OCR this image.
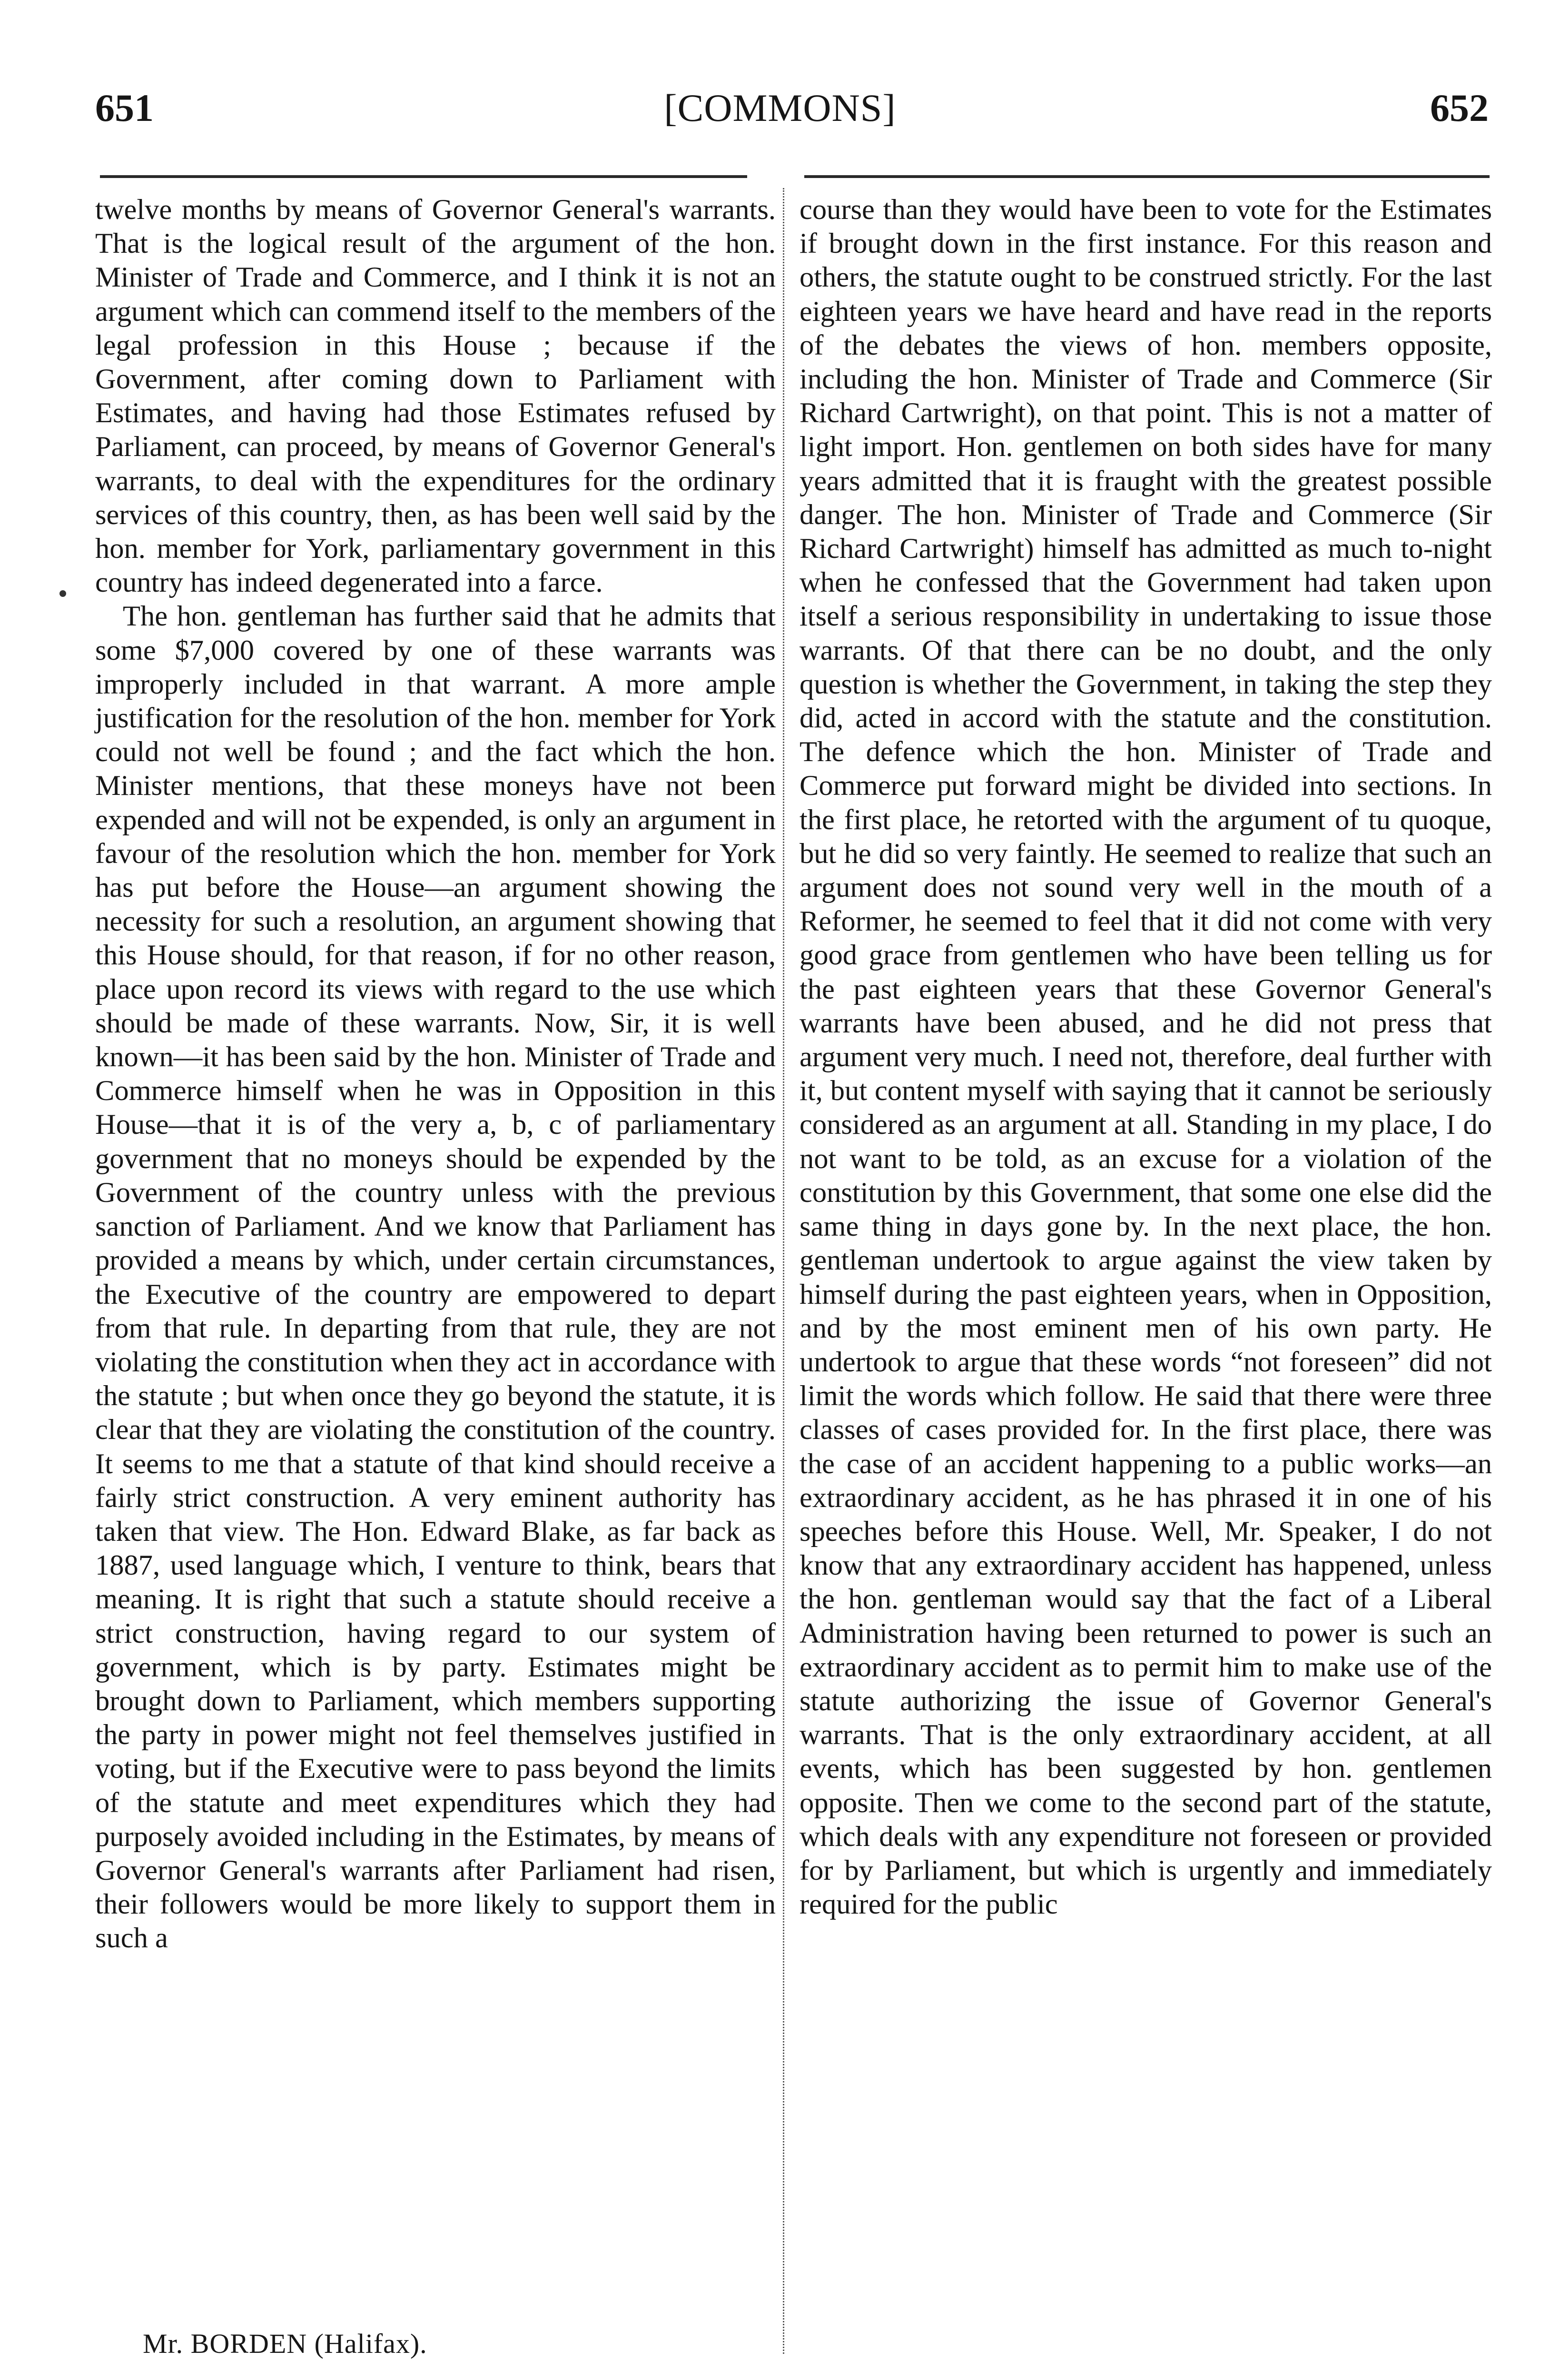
651	[COMMONS]	652

twelve months by means of Governor General's warrants. That is the logical result of the argument of the hon. Minister of Trade and Commerce, and I think it is not an argument which can commend itself to the members of the legal profession in this House ; because if the Government, after coming down to Parliament with Estimates, and having had those Estimates refused by Parliament, can proceed, by means of Governor General's warrants, to deal with the expenditures for the ordinary services of this country, then, as has been well said by the hon. member for York, parliamentary government in this country has indeed degenerated into a farce.

The hon. gentleman has further said that he admits that some $7,000 covered by one of these warrants was improperly included in that warrant. A more ample justification for the resolution of the hon. member for York could not well be found ; and the fact which the hon. Minister mentions, that these moneys have not been expended and will not be expended, is only an argument in favour of the resolution which the hon. member for York has put before the House—an argument showing the necessity for such a resolution, an argument showing that this House should, for that reason, if for no other reason, place upon record its views with regard to the use which should be made of these warrants. Now, Sir, it is well known—it has been said by the hon. Minister of Trade and Commerce himself when he was in Opposition in this House—that it is of the very a, b, c of parliamentary government that no moneys should be expended by the Government of the country unless with the previous sanction of Parliament. And we know that Parliament has provided a means by which, under certain circumstances, the Executive of the country are empowered to depart from that rule. In departing from that rule, they are not violating the constitution when they act in accordance with the statute ; but when once they go beyond the statute, it is clear that they are violating the constitution of the country. It seems to me that a statute of that kind should receive a fairly strict construction. A very eminent authority has taken that view. The Hon. Edward Blake, as far back as 1887, used language which, I venture to think, bears that meaning. It is right that such a statute should receive a strict construction, having regard to our system of government, which is by party. Estimates might be brought down to Parliament, which members supporting the party in power might not feel themselves justified in voting, but if the Executive were to pass beyond the limits of the statute and meet expenditures which they had purposely avoided including in the Estimates, by means of Governor General's warrants after Parliament had risen, their followers would be more likely to support them in such a

course than they would have been to vote for the Estimates if brought down in the first instance. For this reason and others, the statute ought to be construed strictly. For the last eighteen years we have heard and have read in the reports of the debates the views of hon. members opposite, including the hon. Minister of Trade and Commerce (Sir Richard Cartwright), on that point. This is not a matter of light import. Hon. gentlemen on both sides have for many years admitted that it is fraught with the greatest possible danger. The hon. Minister of Trade and Commerce (Sir Richard Cartwright) himself has admitted as much to-night when he confessed that the Government had taken upon itself a serious responsibility in undertaking to issue those warrants. Of that there can be no doubt, and the only question is whether the Government, in taking the step they did, acted in accord with the statute and the constitution. The defence which the hon. Minister of Trade and Commerce put forward might be divided into sections. In the first place, he retorted with the argument of tu quoque, but he did so very faintly. He seemed to realize that such an argument does not sound very well in the mouth of a Reformer, he seemed to feel that it did not come with very good grace from gentlemen who have been telling us for the past eighteen years that these Governor General's warrants have been abused, and he did not press that argument very much. I need not, therefore, deal further with it, but content myself with saying that it cannot be seriously considered as an argument at all. Standing in my place, I do not want to be told, as an excuse for a violation of the constitution by this Government, that some one else did the same thing in days gone by. In the next place, the hon. gentleman undertook to argue against the view taken by himself during the past eighteen years, when in Opposition, and by the most eminent men of his own party. He undertook to argue that these words “not foreseen” did not limit the words which follow. He said that there were three classes of cases provided for. In the first place, there was the case of an accident happening to a public works—an extraordinary accident, as he has phrased it in one of his speeches before this House. Well, Mr. Speaker, I do not know that any extraordinary accident has happened, unless the hon. gentleman would say that the fact of a Liberal Administration having been returned to power is such an extraordinary accident as to permit him to make use of the statute authorizing the issue of Governor General's warrants. That is the only extraordinary accident, at all events, which has been suggested by hon. gentlemen opposite. Then we come to the second part of the statute, which deals with any expenditure not foreseen or provided for by Parliament, but which is urgently and immediately required for the public

Mr. BORDEN (Halifax).
